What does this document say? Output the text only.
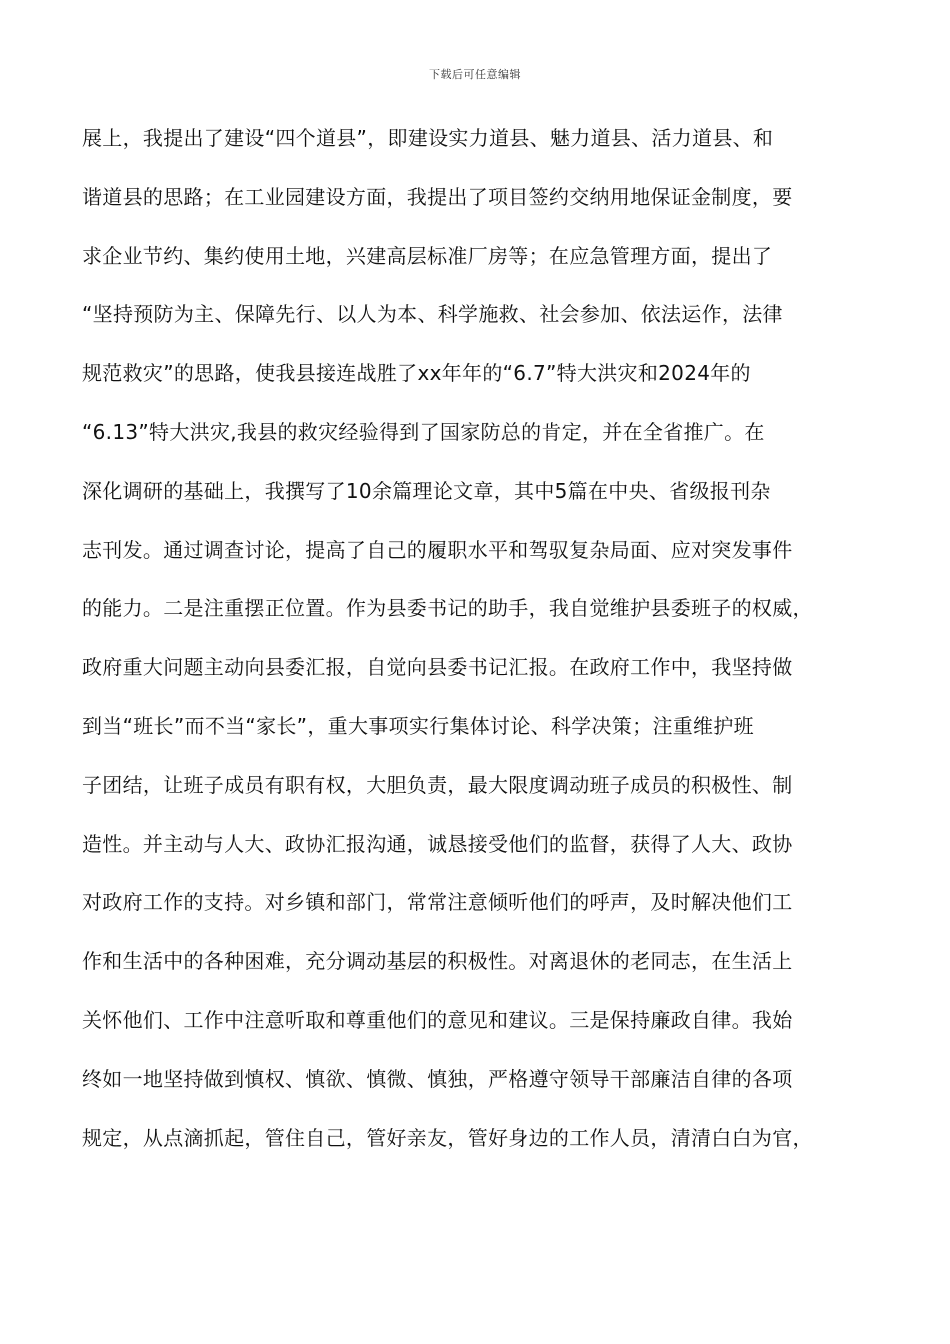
下载后可任意编辑
展上，我提出了建设“四个道县”，即建设实力道县、魅力道县、活力道县、和
谐道县的思路；在工业园建设方面，我提出了项目签约交纳用地保证金制度，要
求企业节约、集约使用土地，兴建高层标准厂房等；在应急管理方面，提出了
“坚持预防为主、保障先行、以人为本、科学施救、社会参加、依法运作，法律
规范救灾”的思路，使我县接连战胜了xx年年的“6.7”特大洪灾和2024年的
“6.13”特大洪灾,我县的救灾经验得到了国家防总的肯定，并在全省推广。在
深化调研的基础上，我撰写了10余篇理论文章，其中5篇在中央、省级报刊杂
志刊发。通过调查讨论，提高了自己的履职水平和驾驭复杂局面、应对突发事件
的能力。二是注重摆正位置。作为县委书记的助手，我自觉维护县委班子的权威，
政府重大问题主动向县委汇报，自觉向县委书记汇报。在政府工作中，我坚持做
到当“班长”而不当“家长”，重大事项实行集体讨论、科学决策；注重维护班
子团结，让班子成员有职有权，大胆负责，最大限度调动班子成员的积极性、制
造性。并主动与人大、政协汇报沟通，诚恳接受他们的监督，获得了人大、政协
对政府工作的支持。对乡镇和部门，常常注意倾听他们的呼声，及时解决他们工
作和生活中的各种困难，充分调动基层的积极性。对离退休的老同志，在生活上
关怀他们、工作中注意听取和尊重他们的意见和建议。三是保持廉政自律。我始
终如一地坚持做到慎权、慎欲、慎微、慎独，严格遵守领导干部廉洁自律的各项
规定，从点滴抓起，管住自己，管好亲友，管好身边的工作人员，清清白白为官，
